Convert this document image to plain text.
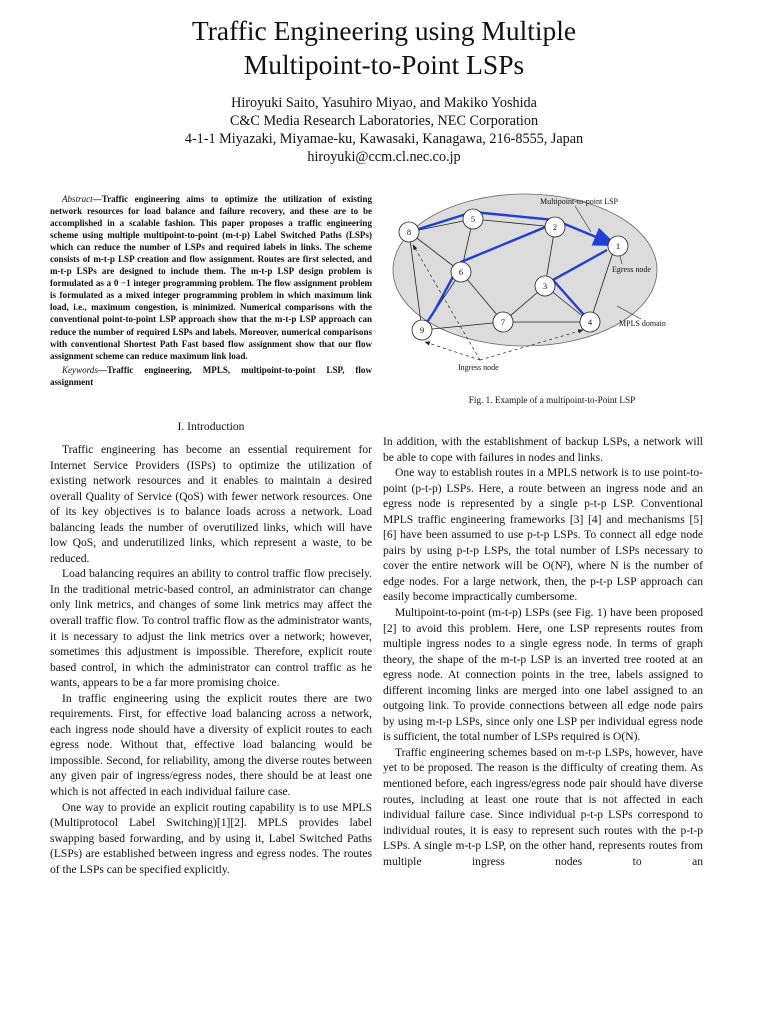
Traffic Engineering using Multiple
Multipoint-to-Point LSPs
Hiroyuki Saito, Yasuhiro Miyao, and Makiko Yoshida
C&C Media Research Laboratories, NEC Corporation
4-1-1 Miyazaki, Miyamae-ku, Kawasaki, Kanagawa, 216-8555, Japan
hiroyuki@ccm.cl.nec.co.jp

Abstract—Traffic engineering aims to optimize the utilization of existing network resources for load balance and failure recovery, and these are to be accomplished in a scalable fashion. This paper proposes a traffic engineering scheme using multiple multipoint-to-point (m-t-p) Label Switched Paths (LSPs) which can reduce the number of LSPs and required labels in links. The scheme consists of m-t-p LSP creation and flow assignment. Routes are first selected, and m-t-p LSPs are designed to include them. The m-t-p LSP design problem is formulated as a 0 −1 integer programming problem. The flow assignment problem is formulated as a mixed integer programming problem in which maximum link load, i.e., maximum congestion, is minimized. Numerical comparisons with the conventional point-to-point LSP approach show that the m-t-p LSP approach can reduce the number of required LSPs and labels. Moreover, numerical comparisons with conventional Shortest Path Fast based flow assignment show that our flow assignment scheme can reduce maximum link load.

Keywords—Traffic engineering, MPLS, multipoint-to-point LSP, flow assignment

1
2
3
4
5
6
7
8
9
Multipoint-to-point LSP
Egress node
MPLS domain
Ingress node
Fig. 1. Example of a multipoint-to-Point LSP
I. Introduction

Traffic engineering has become an essential requirement for Internet Service Providers (ISPs) to optimize the utilization of existing network resources and it enables to maintain a desired overall Quality of Service (QoS) with fewer network resources. One of its key objectives is to balance loads across a network. Load balancing leads the number of overutilized links, which will have low QoS, and underutilized links, which represent a waste, to be reduced.

Load balancing requires an ability to control traffic flow precisely. In the traditional metric-based control, an administrator can change only link metrics, and changes of some link metrics may affect the overall traffic flow. To control traffic flow as the administrator wants, it is necessary to adjust the link metrics over a network; however, sometimes this adjustment is impossible. Therefore, explicit route based control, in which the administrator can control traffic as he wants, appears to be a far more promising choice.

In traffic engineering using the explicit routes there are two requirements. First, for effective load balancing across a network, each ingress node should have a diversity of explicit routes to each egress node. Without that, effective load balancing would be impossible. Second, for reliability, among the diverse routes between any given pair of ingress/egress nodes, there should be at least one which is not affected in each individual failure case.

One way to provide an explicit routing capability is to use MPLS (Multiprotocol Label Switching)[1][2]. MPLS provides label swapping based forwarding, and by using it, Label Switched Paths (LSPs) are established between ingress and egress nodes. The routes of the LSPs can be specified explicitly.

In addition, with the establishment of backup LSPs, a network will be able to cope with failures in nodes and links.

One way to establish routes in a MPLS network is to use point-to-point (p-t-p) LSPs. Here, a route between an ingress node and an egress node is represented by a single p-t-p LSP. Conventional MPLS traffic engineering frameworks [3] [4] and mechanisms [5] [6] have been assumed to use p-t-p LSPs. To connect all edge node pairs by using p-t-p LSPs, the total number of LSPs necessary to cover the entire network will be O(N²), where N is the number of edge nodes. For a large network, then, the p-t-p LSP approach can easily become impractically cumbersome.

Multipoint-to-point (m-t-p) LSPs (see Fig. 1) have been proposed [2] to avoid this problem. Here, one LSP represents routes from multiple ingress nodes to a single egress node. In terms of graph theory, the shape of the m-t-p LSP is an inverted tree rooted at an egress node. At connection points in the tree, labels assigned to different incoming links are merged into one label assigned to an outgoing link. To provide connections between all edge node pairs by using m-t-p LSPs, since only one LSP per individual egress node is sufficient, the total number of LSPs required is O(N).

Traffic engineering schemes based on m-t-p LSPs, however, have yet to be proposed. The reason is the difficulty of creating them. As mentioned before, each ingress/egress node pair should have diverse routes, including at least one route that is not affected in each individual failure case. Since individual p-t-p LSPs correspond to individual routes, it is easy to represent such routes with the p-t-p LSPs. A single m-t-p LSP, on the other hand, represents routes from multiple ingress nodes to an
